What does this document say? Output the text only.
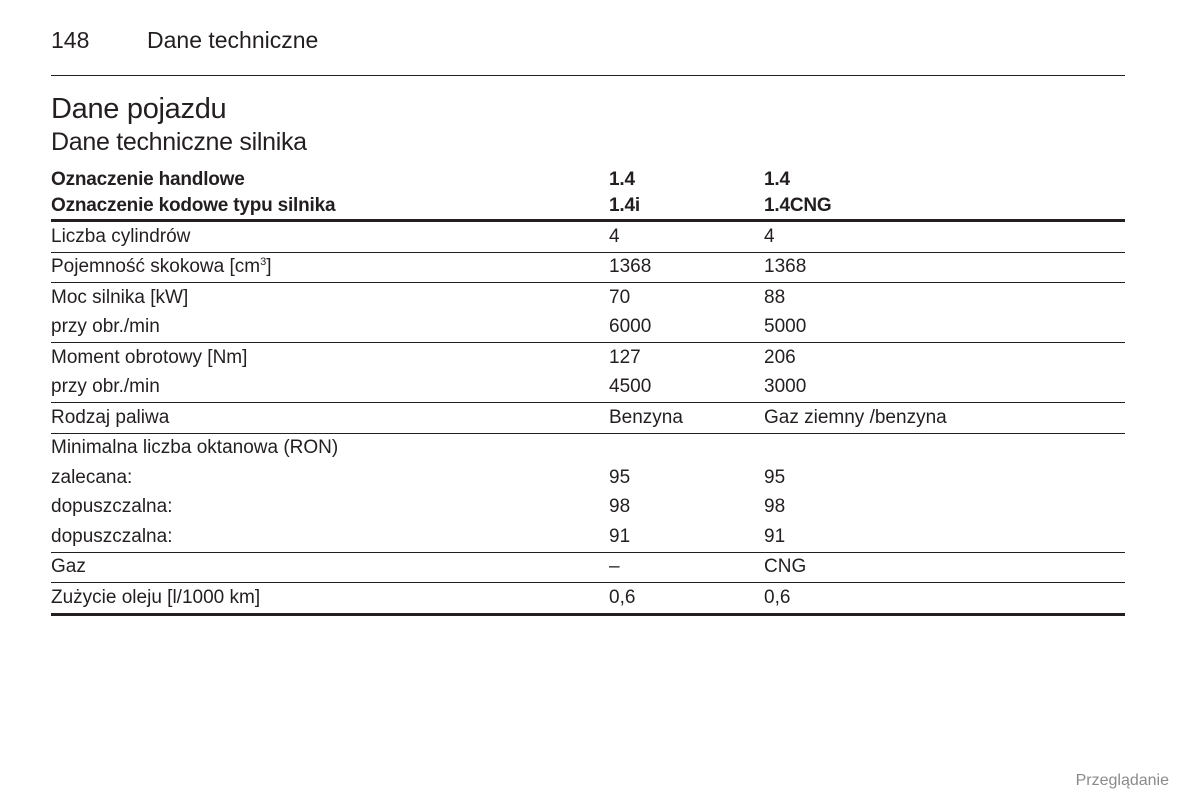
148	Dane techniczne
Dane pojazdu
Dane techniczne silnika
Oznaczenie handlowe	1.4	1.4
Oznaczenie kodowe typu silnika	1.4i	1.4CNG
Liczba cylindrów	4	4
Pojemność skokowa $[cm^3]$	1368	1368
Moc silnika [kW]	70	88
przy obr./min	6000	5000
Moment obrotowy [Nm]	127	206
przy obr./min	4500	3000
Rodzaj paliwa	Benzyna	Gaz ziemny /benzyna
Minimalna liczba oktanowa (RON)		
zalecana:	95	95
dopuszczalna:	98	98
dopuszczalna:	91	91
Gaz	–	CNG
Zużycie oleju [l/1000 km]	0,6	0,6
Przeglądanie
